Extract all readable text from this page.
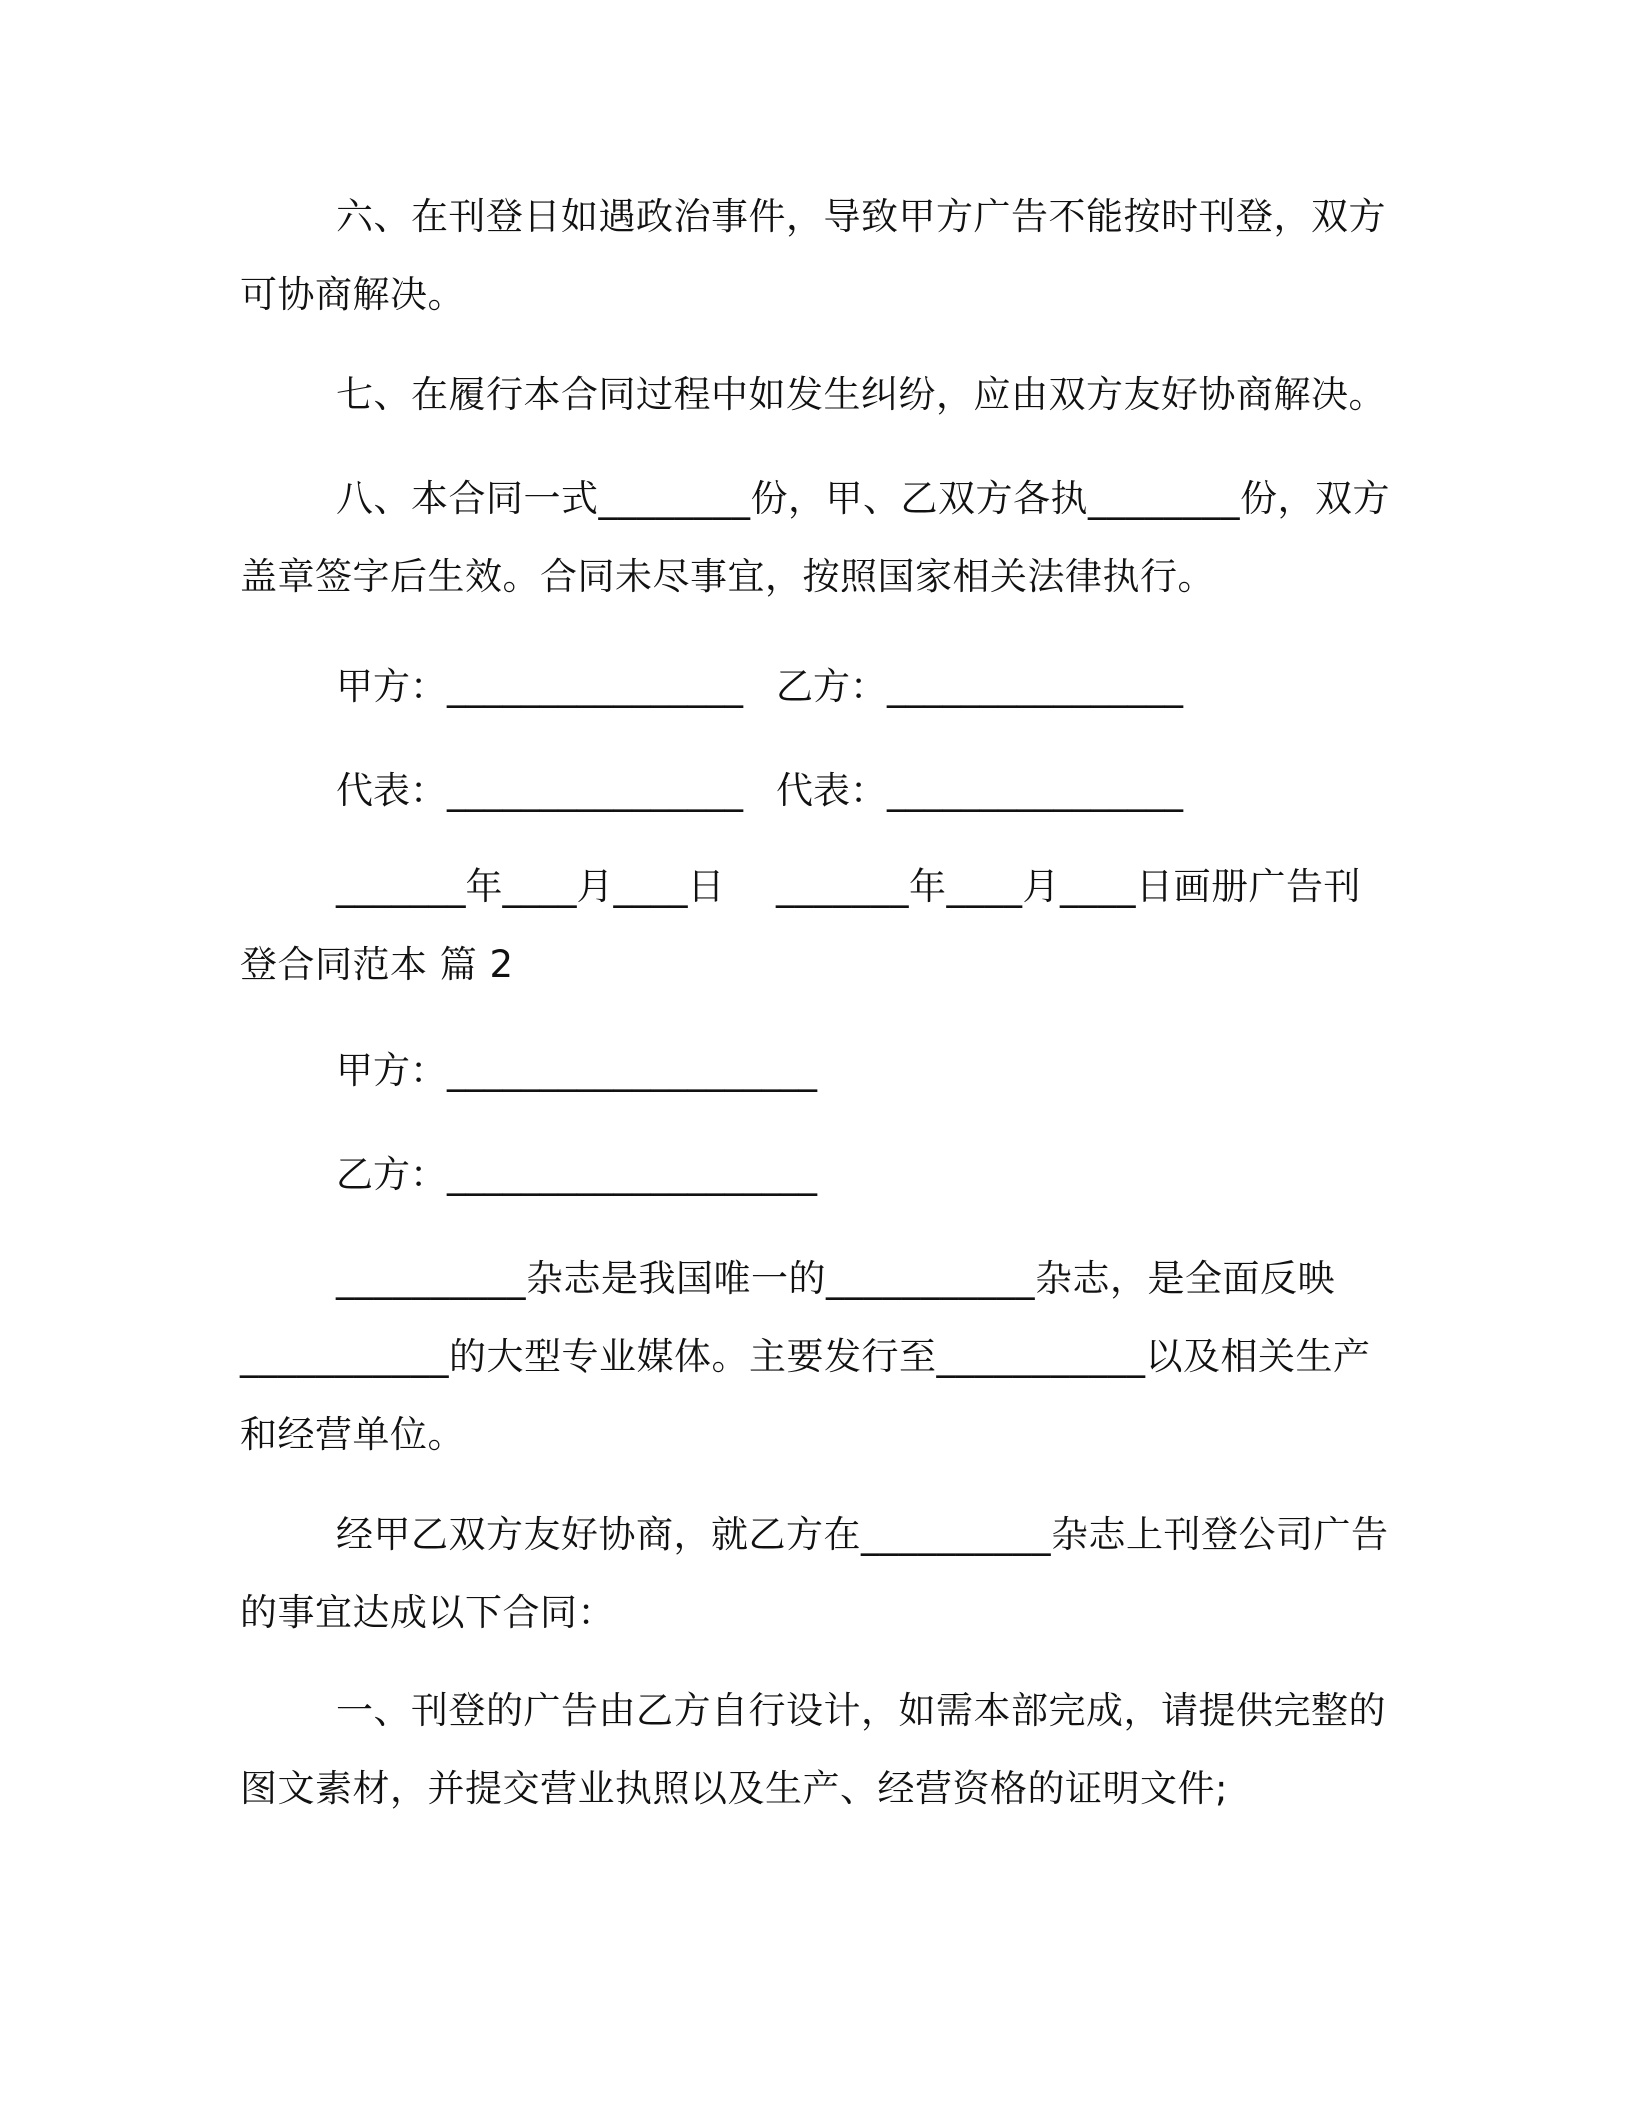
六、在刊登日如遇政治事件，导致甲方广告不能按时刊登，双方可协商解决。

七、在履行本合同过程中如发生纠纷，应由双方友好协商解决。

八、本合同一式________份，甲、乙双方各执________份，双方盖章签字后生效。合同未尽事宜，按照国家相关法律执行。

甲方：________________ 乙方：________________

代表：________________ 代表：________________

_______年____月____日	_______年____月____日画册广告刊登合同范本 篇 2

甲方：____________________

乙方：____________________

__________杂志是我国唯一的___________杂志，是全面反映___________的大型专业媒体。主要发行至___________以及相关生产和经营单位。

经甲乙双方友好协商，就乙方在__________杂志上刊登公司广告的事宜达成以下合同：

一、刊登的广告由乙方自行设计，如需本部完成，请提供完整的图文素材，并提交营业执照以及生产、经营资格的证明文件;
